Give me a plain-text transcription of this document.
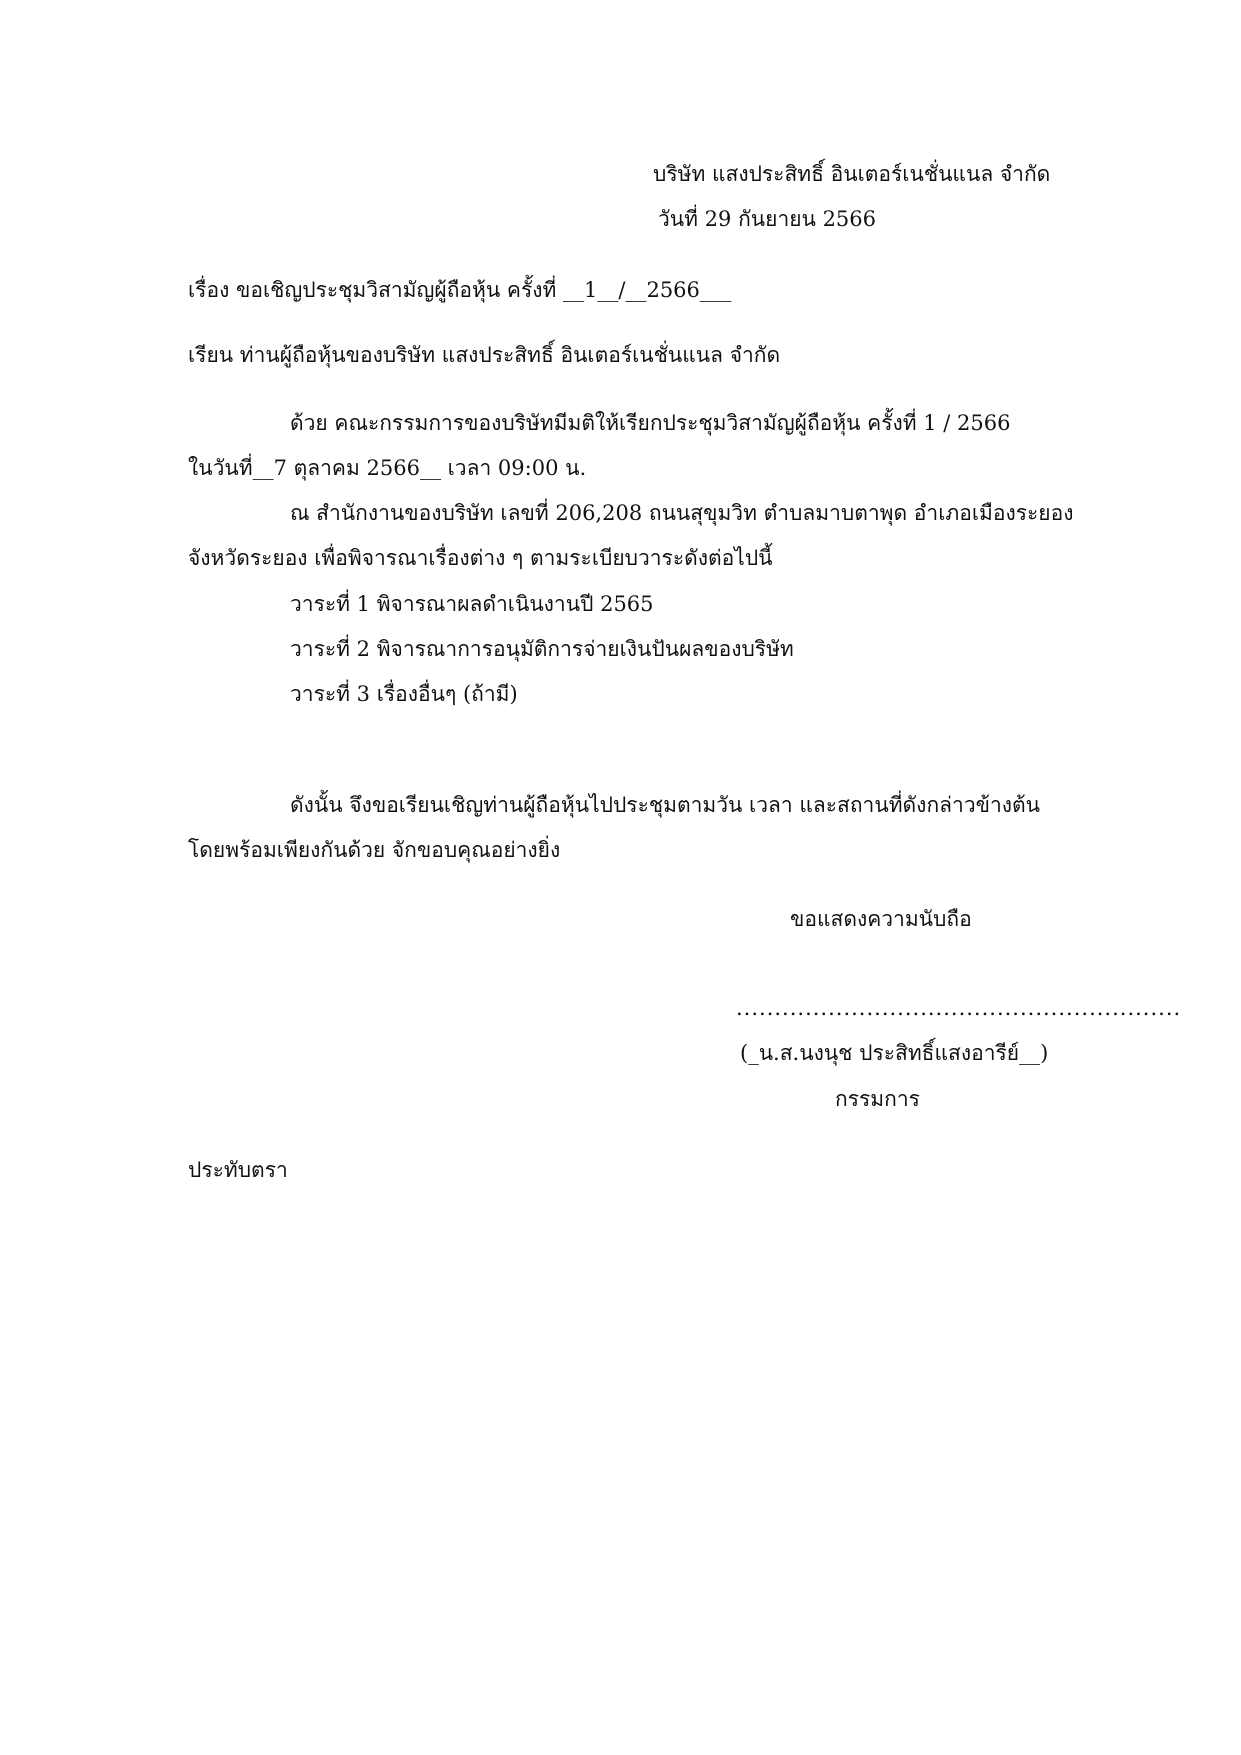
บริษัท แสงประสิทธิ์ อินเตอร์เนชั่นแนล จำกัด
วันที่ 29 กันยายน 2566
เรื่อง ขอเชิญประชุมวิสามัญผู้ถือหุ้น ครั้งที่ __1__/__2566___
เรียน ท่านผู้ถือหุ้นของบริษัท แสงประสิทธิ์ อินเตอร์เนชั่นแนล จำกัด
ด้วย คณะกรรมการของบริษัทมีมติให้เรียกประชุมวิสามัญผู้ถือหุ้น ครั้งที่ 1 / 2566
ในวันที่__7 ตุลาคม 2566__ เวลา 09:00 น.
ณ สำนักงานของบริษัท เลขที่ 206,208 ถนนสุขุมวิท ตำบลมาบตาพุด อำเภอเมืองระยอง
จังหวัดระยอง เพื่อพิจารณาเรื่องต่าง ๆ ตามระเบียบวาระดังต่อไปนี้
วาระที่ 1 พิจารณาผลดำเนินงานปี 2565
วาระที่ 2 พิจารณาการอนุมัติการจ่ายเงินปันผลของบริษัท
วาระที่ 3 เรื่องอื่นๆ (ถ้ามี)
ดังนั้น จึงขอเรียนเชิญท่านผู้ถือหุ้นไปประชุมตามวัน เวลา และสถานที่ดังกล่าวข้างต้น
โดยพร้อมเพียงกันด้วย จักขอบคุณอย่างยิ่ง
ขอแสดงความนับถือ
..........................................................
(_น.ส.นงนุช ประสิทธิ์แสงอารีย์__)
กรรมการ
ประทับตรา
